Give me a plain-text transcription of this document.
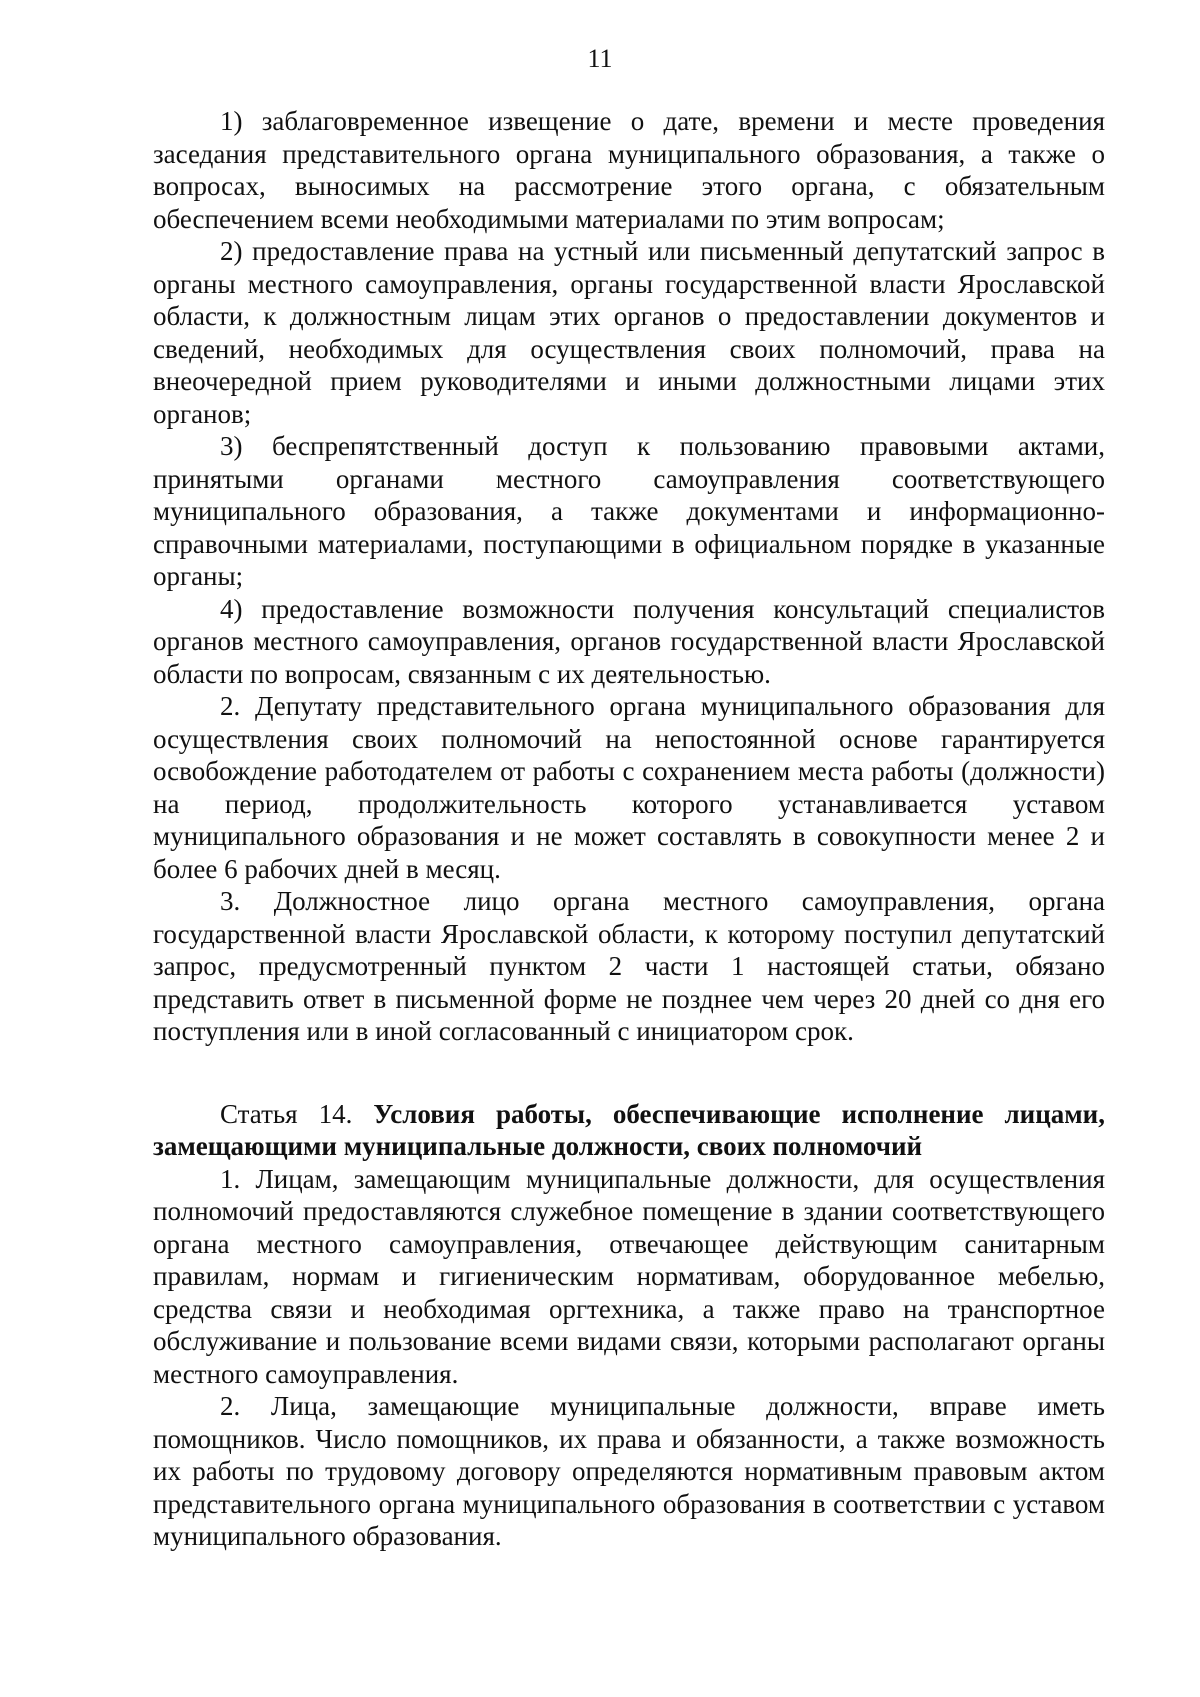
11

1) заблаговременное извещение о дате, времени и месте проведения заседания представительного органа муниципального образования, а также о вопросах, выносимых на рассмотрение этого органа, с обязательным обеспечением всеми необходимыми материалами по этим вопросам;

2) предоставление права на устный или письменный депутатский запрос в органы местного самоуправления, органы государственной власти Ярославской области, к должностным лицам этих органов о предоставлении документов и сведений, необходимых для осуществления своих полномочий, права на внеочередной прием руководителями и иными должностными лицами этих органов;

3) беспрепятственный доступ к пользованию правовыми актами, принятыми органами местного самоуправления соответствующего муниципального образования, а также документами и информационно-справочными материалами, поступающими в официальном порядке в указанные органы;

4) предоставление возможности получения консультаций специалистов органов местного самоуправления, органов государственной власти Ярославской области по вопросам, связанным с их деятельностью.

2. Депутату представительного органа муниципального образования для осуществления своих полномочий на непостоянной основе гарантируется освобождение работодателем от работы с сохранением места работы (должности) на период, продолжительность которого устанавливается уставом муниципального образования и не может составлять в совокупности менее 2 и более 6 рабочих дней в месяц.

3. Должностное лицо органа местного самоуправления, органа государственной власти Ярославской области, к которому поступил депутатский запрос, предусмотренный пунктом 2 части 1 настоящей статьи, обязано представить ответ в письменной форме не позднее чем через 20 дней со дня его поступления или в иной согласованный с инициатором срок.

Статья 14. Условия работы, обеспечивающие исполнение лицами, замещающими муниципальные должности, своих полномочий

1. Лицам, замещающим муниципальные должности, для осуществления полномочий предоставляются служебное помещение в здании соответствующего органа местного самоуправления, отвечающее действующим санитарным правилам, нормам и гигиеническим нормативам, оборудованное мебелью, средства связи и необходимая оргтехника, а также право на транспортное обслуживание и пользование всеми видами связи, которыми располагают органы местного самоуправления.

2. Лица, замещающие муниципальные должности, вправе иметь помощников. Число помощников, их права и обязанности, а также возможность их работы по трудовому договору определяются нормативным правовым актом представительного органа муниципального образования в соответствии с уставом муниципального образования.
